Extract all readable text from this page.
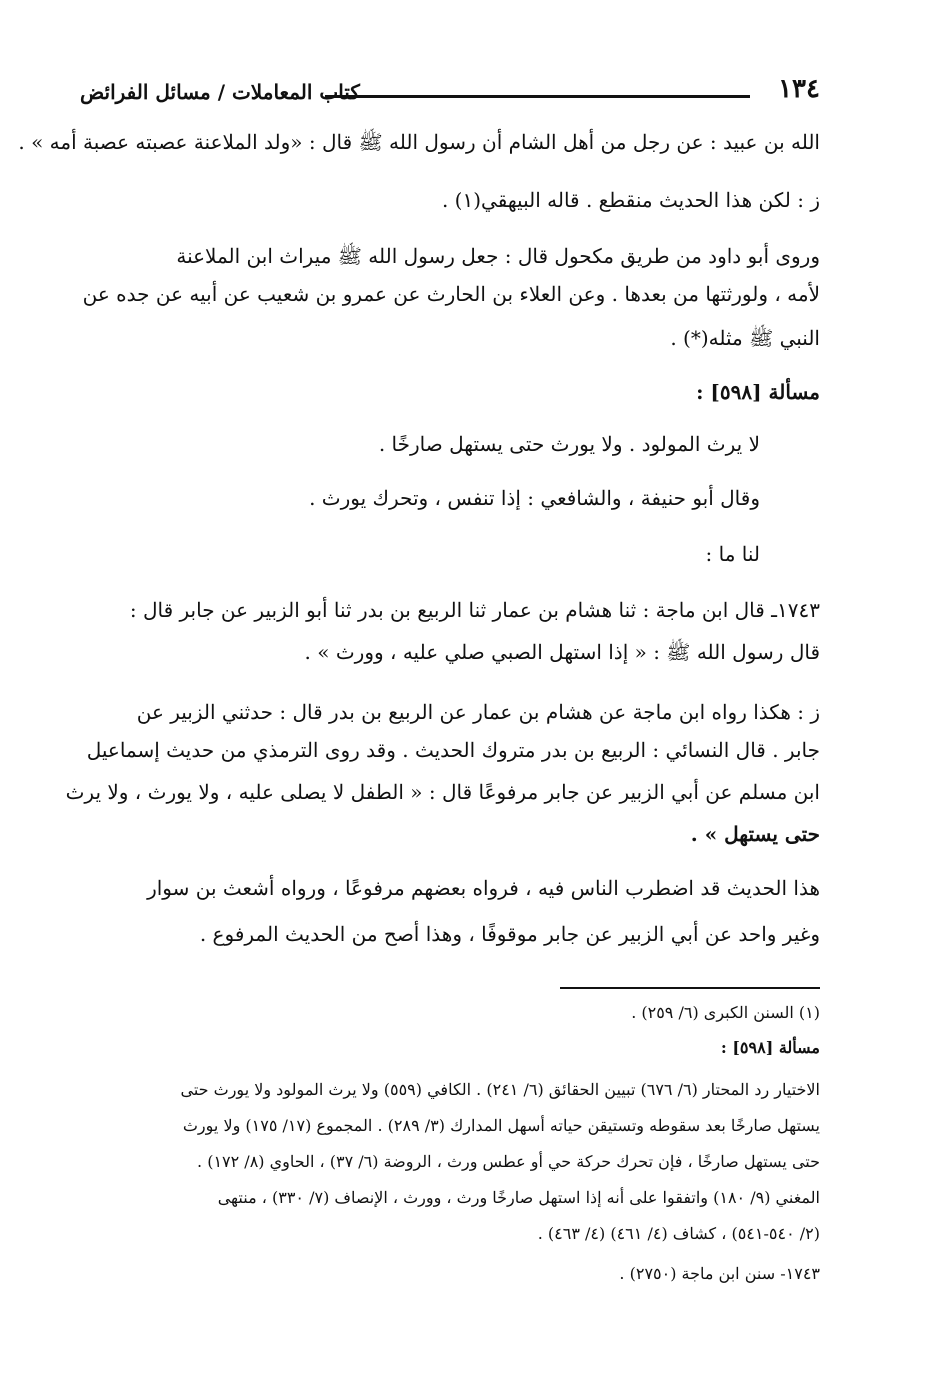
١٣٤
كتاب المعاملات / مسائل الفرائض
الله بن عبيد : عن رجل من أهل الشام أن رسول الله ﷺ قال : «ولد الملاعنة عصبته عصبة أمه » .
ز : لكن هذا الحديث منقطع . قاله البيهقي(١) .
وروى أبو داود من طريق مكحول قال : جعل رسول الله ﷺ ميراث ابن الملاعنة
لأمه ، ولورثتها من بعدها . وعن العلاء بن الحارث عن عمرو بن شعيب عن أبيه عن جده عن
النبي ﷺ مثله(*) .
مسألة [٥٩٨] :
لا يرث المولود . ولا يورث حتى يستهل صارخًا .
وقال أبو حنيفة ، والشافعي : إذا تنفس ، وتحرك يورث .
لنا ما :
١٧٤٣ـ قال ابن ماجة : ثنا هشام بن عمار ثنا الربيع بن بدر ثنا أبو الزبير عن جابر قال :
قال رسول الله ﷺ : « إذا استهل الصبي صلي عليه ، وورث » .
ز : هكذا رواه ابن ماجة عن هشام بن عمار عن الربيع بن بدر قال : حدثني الزبير عن
جابر . قال النسائي : الربيع بن بدر متروك الحديث . وقد روى الترمذي من حديث إسماعيل
ابن مسلم عن أبي الزبير عن جابر مرفوعًا قال : « الطفل لا يصلى عليه ، ولا يورث ، ولا يرث
حتى يستهل » .
هذا الحديث قد اضطرب الناس فيه ، فرواه بعضهم مرفوعًا ، ورواه أشعث بن سوار
وغير واحد عن أبي الزبير عن جابر موقوفًا ، وهذا أصح من الحديث المرفوع .
(١) السنن الكبرى (٦/ ٢٥٩) .
مسألة [٥٩٨] :
الاختيار رد المحتار (٦/ ٦٧٦) تبيين الحقائق (٦/ ٢٤١) . الكافي (٥٥٩) ولا يرث المولود ولا يورث حتى
يستهل صارخًا بعد سقوطه وتستيقن حياته أسهل المدارك (٣/ ٢٨٩) . المجموع (١٧/ ١٧٥) ولا يورث
حتى يستهل صارخًا ، فإن تحرك حركة حي أو عطس ورث ، الروضة (٦/ ٣٧) ، الحاوي (٨/ ١٧٢) .
المغني (٩/ ١٨٠) واتفقوا على أنه إذا استهل صارخًا ورث ، وورث ، الإنصاف (٧/ ٣٣٠) ، منتهى
(٢/ ٥٤٠-٥٤١) ، كشاف (٤/ ٤٦١) (٤/ ٤٦٣) .
١٧٤٣- سنن ابن ماجة (٢٧٥٠) .
